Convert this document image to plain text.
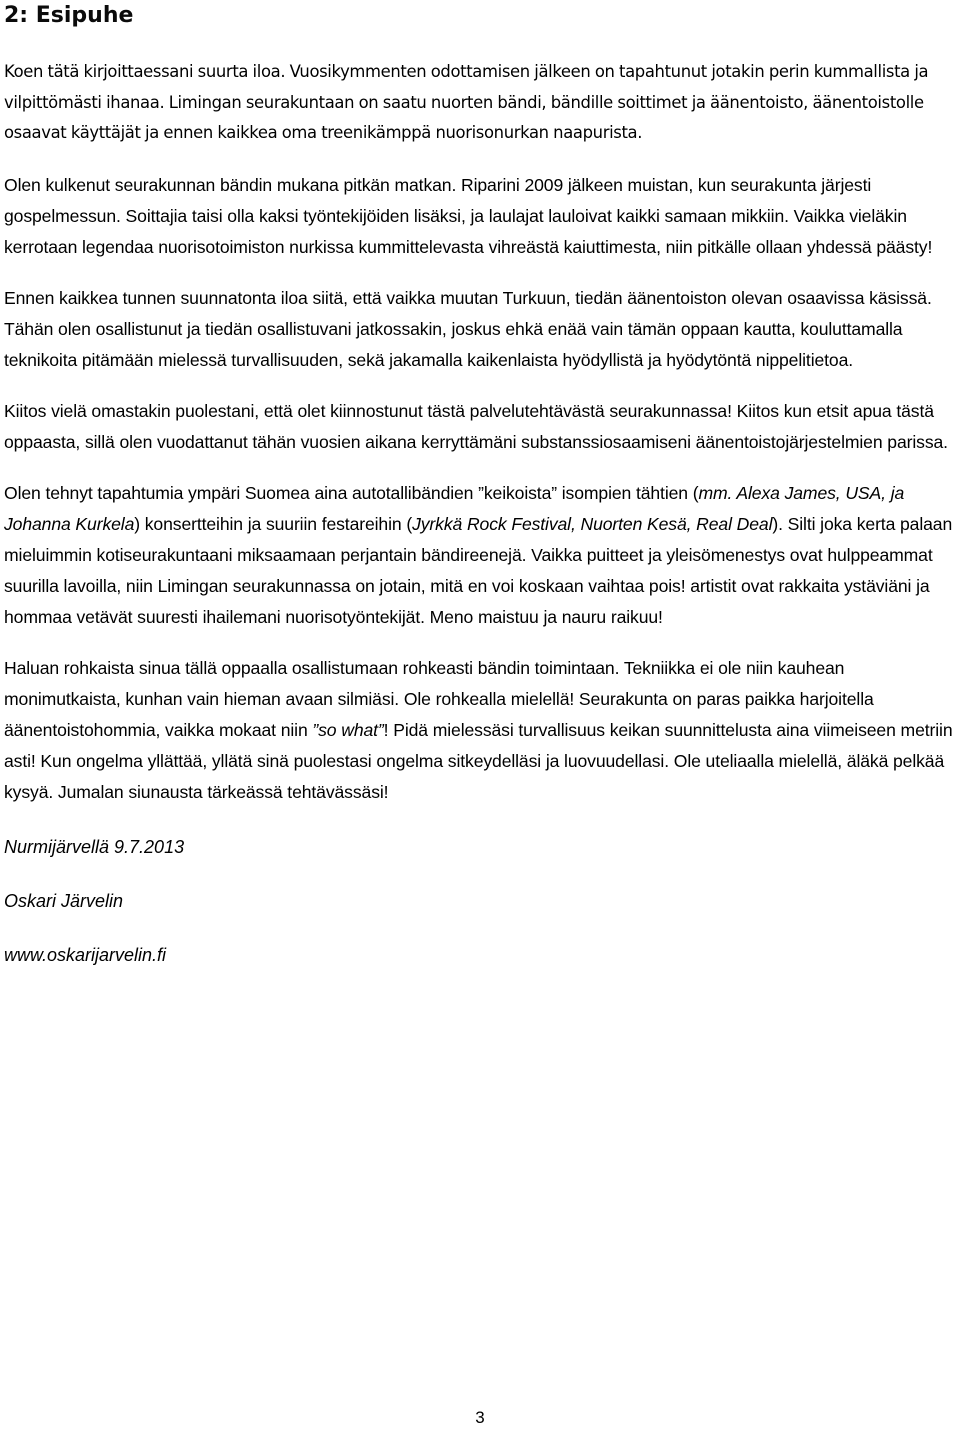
2: Esipuhe

Koen tätä kirjoittaessani suurta iloa. Vuosikymmenten odottamisen jälkeen on tapahtunut jotakin perin kummallista ja vilpittömästi ihanaa. Limingan seurakuntaan on saatu nuorten bändi, bändille soittimet ja äänentoisto, äänentoistolle osaavat käyttäjät ja ennen kaikkea oma treenikämppä nuorisonurkan naapurista.

Olen kulkenut seurakunnan bändin mukana pitkän matkan. Riparini 2009 jälkeen muistan, kun seurakunta järjesti gospelmessun. Soittajia taisi olla kaksi työntekijöiden lisäksi, ja laulajat lauloivat kaikki samaan mikkiin. Vaikka vieläkin kerrotaan legendaa nuorisotoimiston nurkissa kummittelevasta vihreästä kaiuttimesta, niin pitkälle ollaan yhdessä päästy!

Ennen kaikkea tunnen suunnatonta iloa siitä, että vaikka muutan Turkuun, tiedän äänentoiston olevan osaavissa käsissä. Tähän olen osallistunut ja tiedän osallistuvani jatkossakin, joskus ehkä enää vain tämän oppaan kautta, kouluttamalla teknikoita pitämään mielessä turvallisuuden, sekä jakamalla kaikenlaista hyödyllistä ja hyödytöntä nippelitietoa.

Kiitos vielä omastakin puolestani, että olet kiinnostunut tästä palvelutehtävästä seurakunnassa! Kiitos kun etsit apua tästä oppaasta, sillä olen vuodattanut tähän vuosien aikana kerryttämäni substanssiosaamiseni äänentoistojärjestelmien parissa.

Olen tehnyt tapahtumia ympäri Suomea aina autotallibändien ”keikoista” isompien tähtien (mm. Alexa James, USA, ja Johanna Kurkela) konsertteihin ja suuriin festareihin (Jyrkkä Rock Festival, Nuorten Kesä, Real Deal). Silti joka kerta palaan mieluimmin kotiseurakuntaani miksaamaan perjantain bändireenejä. Vaikka puitteet ja yleisömenestys ovat hulppeammat suurilla lavoilla, niin Limingan seurakunnassa on jotain, mitä en voi koskaan vaihtaa pois! artistit ovat rakkaita ystäviäni ja hommaa vetävät suuresti ihailemani nuorisotyöntekijät. Meno maistuu ja nauru raikuu!

Haluan rohkaista sinua tällä oppaalla osallistumaan rohkeasti bändin toimintaan. Tekniikka ei ole niin kauhean monimutkaista, kunhan vain hieman avaan silmiäsi. Ole rohkealla mielellä! Seurakunta on paras paikka harjoitella äänentoistohommia, vaikka mokaat niin ”so what”! Pidä mielessäsi turvallisuus keikan suunnittelusta aina viimeiseen metriin asti! Kun ongelma yllättää, yllätä sinä puolestasi ongelma sitkeydelläsi ja luovuudellasi. Ole uteliaalla mielellä, äläkä pelkää kysyä. Jumalan siunausta tärkeässä tehtävässäsi!

Nurmijärvellä 9.7.2013

Oskari Järvelin

www.oskarijarvelin.fi

3
